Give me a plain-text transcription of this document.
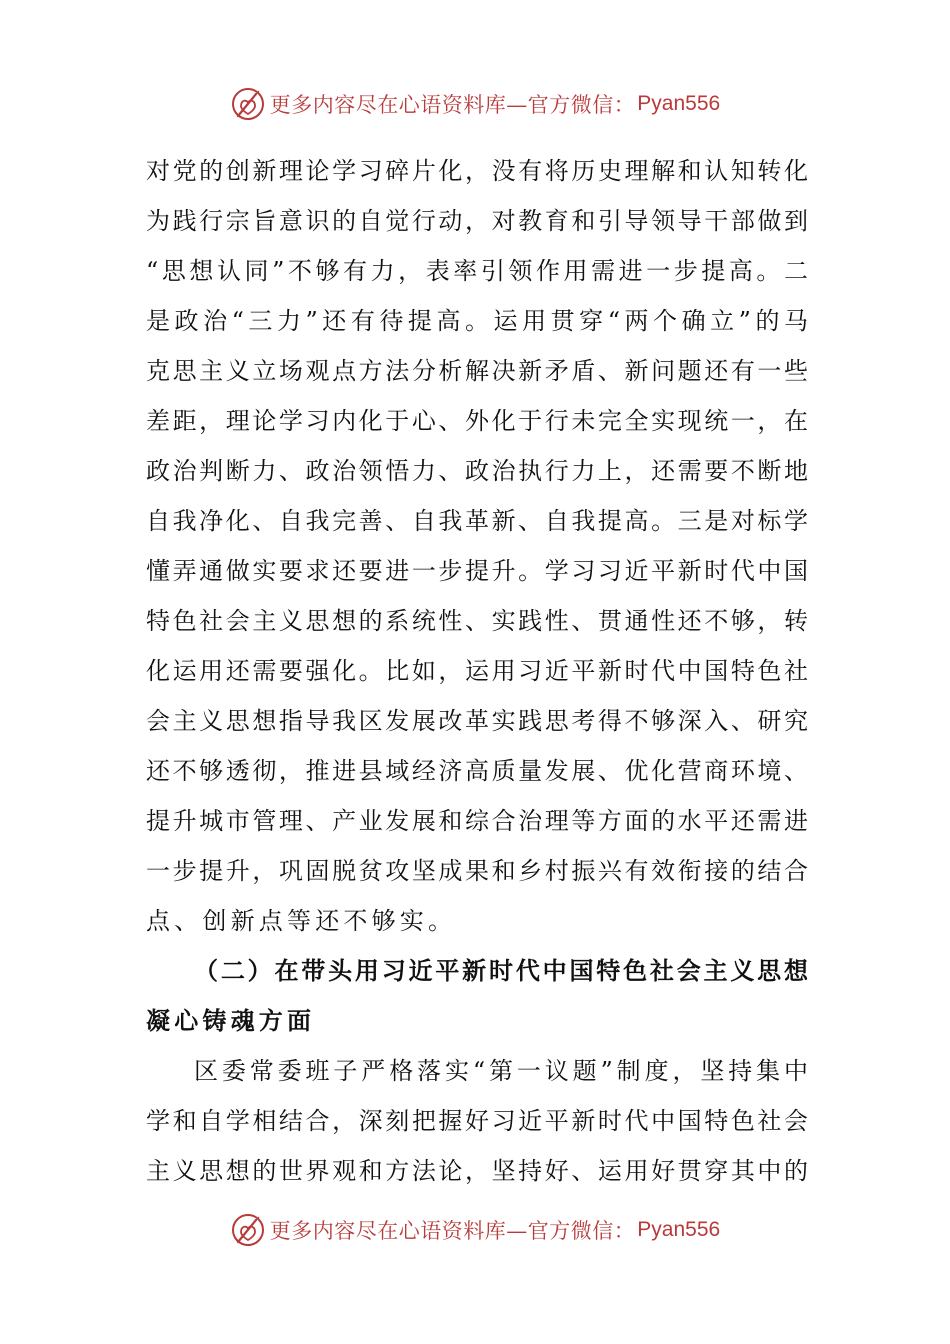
更多内容尽在心语资料库—官方微信： Pyan556
对党的创新理论学习碎片化，没有将历史理解和认知转化
为践行宗旨意识的自觉行动，对教育和引导领导干部做到
“思想认同”不够有力，表率引领作用需进一步提高。二
是政治“三力”还有待提高。运用贯穿“两个确立”的马
克思主义立场观点方法分析解决新矛盾、新问题还有一些
差距，理论学习内化于心、外化于行未完全实现统一，在
政治判断力、政治领悟力、政治执行力上，还需要不断地
自我净化、自我完善、自我革新、自我提高。三是对标学
懂弄通做实要求还要进一步提升。学习习近平新时代中国
特色社会主义思想的系统性、实践性、贯通性还不够，转
化运用还需要强化。比如，运用习近平新时代中国特色社
会主义思想指导我区发展改革实践思考得不够深入、研究
还不够透彻，推进县域经济高质量发展、优化营商环境、
提升城市管理、产业发展和综合治理等方面的水平还需进
一步提升，巩固脱贫攻坚成果和乡村振兴有效衔接的结合
点、创新点等还不够实。
（二）在带头用习近平新时代中国特色社会主义思想
凝心铸魂方面
区委常委班子严格落实“第一议题”制度，坚持集中
学和自学相结合，深刻把握好习近平新时代中国特色社会
主义思想的世界观和方法论，坚持好、运用好贯穿其中的
更多内容尽在心语资料库—官方微信： Pyan556
